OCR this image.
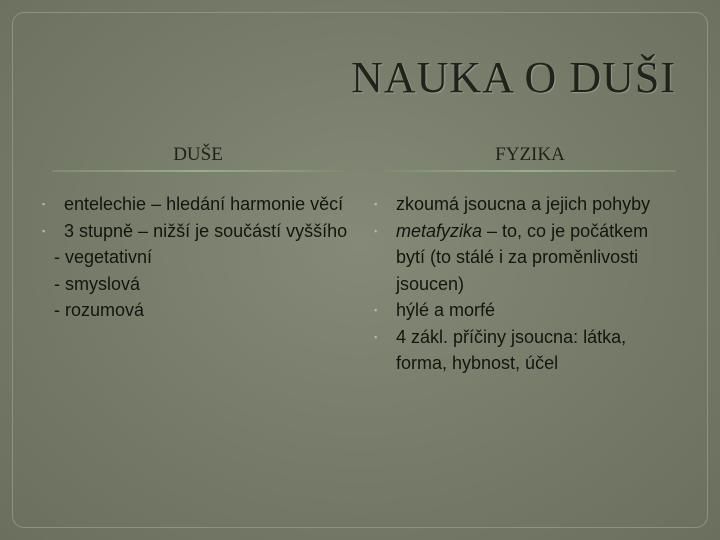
NAUKA O DUŠI
DUŠE	FYZIKA
▪ entelechie – hledání harmonie věcí
▪ 3 stupně – nižší je součástí vyššího
- vegetativní
- smyslová
- rozumová
▪ zkoumá jsoucna a jejich pohyby
▪ metafyzika – to, co je počátkem bytí (to stálé i za proměnlivosti jsoucen)
▪ hýlé a morfé
▪ 4 zákl. příčiny jsoucna: látka, forma, hybnost, účel
